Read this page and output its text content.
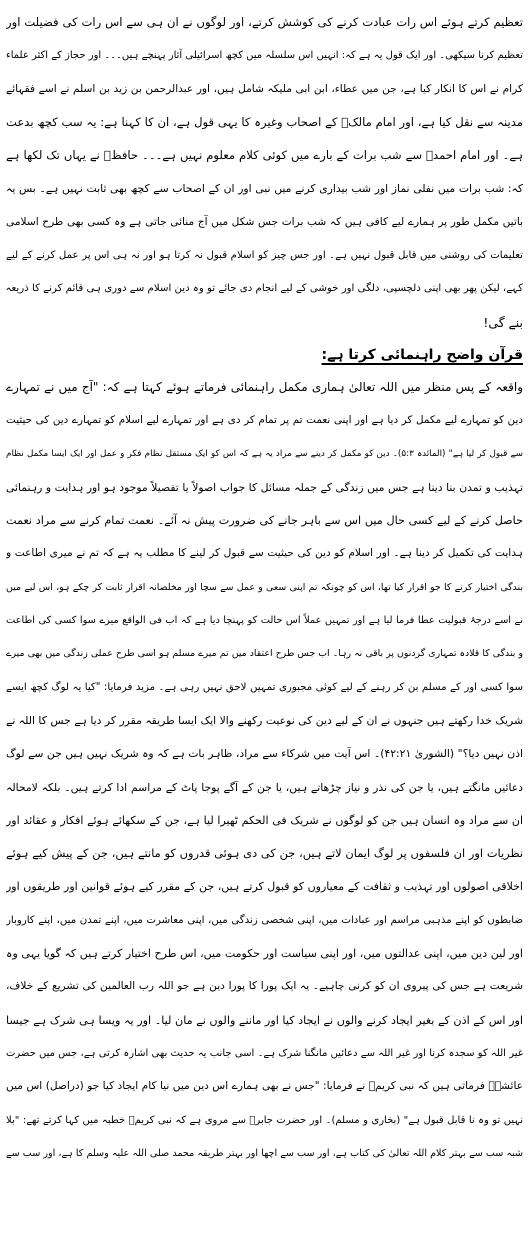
تعظیم کرتے ہوئے اس رات عبادت کرنے کی کوشش کرتے، اور لوگوں نے ان ہی سے اس رات کی فضیلت اور
تعظیم کرنا سیکھی۔ اور ایک قول یہ ہے کہ: انہیں اس سلسلہ میں کچھ اسرائیلی آثار پہنچے ہیں۔۔۔ اور حجاز کے اکثر علماء
کرام نے اس کا انکار کیا ہے، جن میں عطاء، ابن ابی ملیکہ شامل ہیں، اور عبدالرحمن بن زید بن اسلم نے اسے فقہائے
مدینہ سے نقل کیا ہے، اور امام مالکؒ کے اصحاب وغیرہ کا یہی قول ہے، ان کا کہنا ہے: یہ سب کچھ بدعت
ہے۔ اور امام احمدؒ سے شب برات کے بارے میں کوئی کلام معلوم نہیں ہے۔۔۔ حافظؒ نے یہاں تک لکھا ہے
کہ: شب برات میں نفلی نماز اور شب بیداری کرنے میں نبی اور ان کے اصحاب سے کچھ بھی ثابت نہیں ہے۔ بس یہ
باتیں مکمل طور پر ہمارے لیے کافی ہیں کہ شب برات جس شکل میں آج منائی جاتی ہے وہ کسی بھی طرح اسلامی
تعلیمات کی روشنی میں قابل قبول نہیں ہے۔ اور جس چیز کو اسلام قبول نہ کرتا ہو اور نہ ہی اس پر عمل کرنے کے لیے
کہے، لیکن پھر بھی اپنی دلچسپی، دلگی اور خوشی کے لیے انجام دی جائے تو وہ دین اسلام سے دوری ہی قائم کرنے کا ذریعہ
بنے گی!
قرآن واضح راہنمائی کرتا ہے:
واقعہ کے پس منظر میں اللہ تعالیٰ ہماری مکمل راہنمائی فرماتے ہوئے کہتا ہے کہ: "آج میں نے تمہارے
دین کو تمہارے لیے مکمل کر دیا ہے اور اپنی نعمت تم پر تمام کر دی ہے اور تمہارے لیے اسلام کو تمہارے دین کی حیثیت
سے قبول کر لیا ہے" (المائدہ ۵:۳)۔ دین کو مکمل کر دینے سے مراد یہ ہے کہ اس کو ایک مستقل نظام فکر و عمل اور ایک ایسا مکمل نظام
تہذیب و تمدن بنا دینا ہے جس میں زندگی کے جملہ مسائل کا جواب اصولاً یا تفصیلاً موجود ہو اور ہدایت و رہنمائی
حاصل کرنے کے لیے کسی حال میں اس سے باہر جانے کی ضرورت پیش نہ آئے۔ نعمت تمام کرنے سے مراد نعمت
ہدایت کی تکمیل کر دینا ہے۔ اور اسلام کو دین کی حیثیت سے قبول کر لینے کا مطلب یہ ہے کہ تم نے میری اطاعت و
بندگی اختیار کرنے کا جو اقرار کیا تھا، اس کو چونکہ تم اپنی سعی و عمل سے سچا اور مخلصانہ اقرار ثابت کر چکے ہو، اس لیے میں
نے اسے درجۂ قبولیت عطا فرما لیا ہے اور تمہیں عملاً اس حالت کو پہنچا دیا ہے کہ اب فی الواقع میرے سوا کسی کی اطاعت
و بندگی کا قلادہ تمہاری گردنوں پر باقی نہ رہا۔ اب جس طرح اعتقاد میں تم میرے مسلم ہو اسی طرح عملی زندگی میں بھی میرے
سوا کسی اور کے مسلم بن کر رہنے کے لیے کوئی مجبوری تمہیں لاحق نہیں رہی ہے۔ مزید فرمایا: "کیا یہ لوگ کچھ ایسے
شریک خدا رکھتے ہیں جنہوں نے ان کے لیے دین کی نوعیت رکھنے والا ایک ایسا طریقہ مقرر کر دیا ہے جس کا اللہ نے
اذن نہیں دیا؟" (الشوریٰ ۴۲:۲۱)۔ اس آیت میں شرکاء سے مراد، ظاہر بات ہے کہ وہ شریک نہیں ہیں جن سے لوگ
دعائیں مانگتے ہیں، یا جن کی نذر و نیاز چڑھاتے ہیں، یا جن کے آگے پوجا پاٹ کے مراسم ادا کرتے ہیں۔ بلکہ لامحالہ
ان سے مراد وہ انسان ہیں جن کو لوگوں نے شریک فی الحکم ٹھیرا لیا ہے، جن کے سکھائے ہوئے افکار و عقائد اور
نظریات اور ان فلسفوں پر لوگ ایمان لاتے ہیں، جن کی دی ہوئی قدروں کو مانتے ہیں، جن کے پیش کیے ہوئے
اخلاقی اصولوں اور تہذیب و ثقافت کے معیاروں کو قبول کرتے ہیں، جن کے مقرر کیے ہوئے قوانین اور طریقوں اور
ضابطوں کو اپنے مذہبی مراسم اور عبادات میں، اپنی شخصی زندگی میں، اپنی معاشرت میں، اپنے تمدن میں، اپنے کاروبار
اور لین دین میں، اپنی عدالتوں میں، اور اپنی سیاست اور حکومت میں، اس طرح اختیار کرتے ہیں کہ گویا یہی وہ
شریعت ہے جس کی پیروی ان کو کرنی چاہیے۔ یہ ایک پورا کا پورا دین ہے جو اللہ رب العالمین کی تشریع کے خلاف،
اور اس کے اذن کے بغیر ایجاد کرنے والوں نے ایجاد کیا اور ماننے والوں نے مان لیا۔ اور یہ ویسا ہی شرک ہے جیسا
غیر اللہ کو سجدہ کرنا اور غیر اللہ سے دعائیں مانگنا شرک ہے۔ اسی جانب یہ حدیث بھی اشارہ کرتی ہے، جس میں حضرت
عائشہؓ فرماتی ہیں کہ نبی کریمؐ نے فرمایا: "جس نے بھی ہمارے اس دین میں نیا کام ایجاد کیا جو (دراصل) اس میں
نہیں تو وہ نا قابل قبول ہے" (بخاری و مسلم)۔ اور حضرت جابرؓ سے مروی ہے کہ نبی کریمؐ خطبہ میں کہا کرتے تھے: "بلا
شبہ سب سے بہتر کلام اللہ تعالیٰ کی کتاب ہے، اور سب سے اچھا اور بہتر طریقہ محمد صلی اللہ علیہ وسلم کا ہے، اور سب سے
